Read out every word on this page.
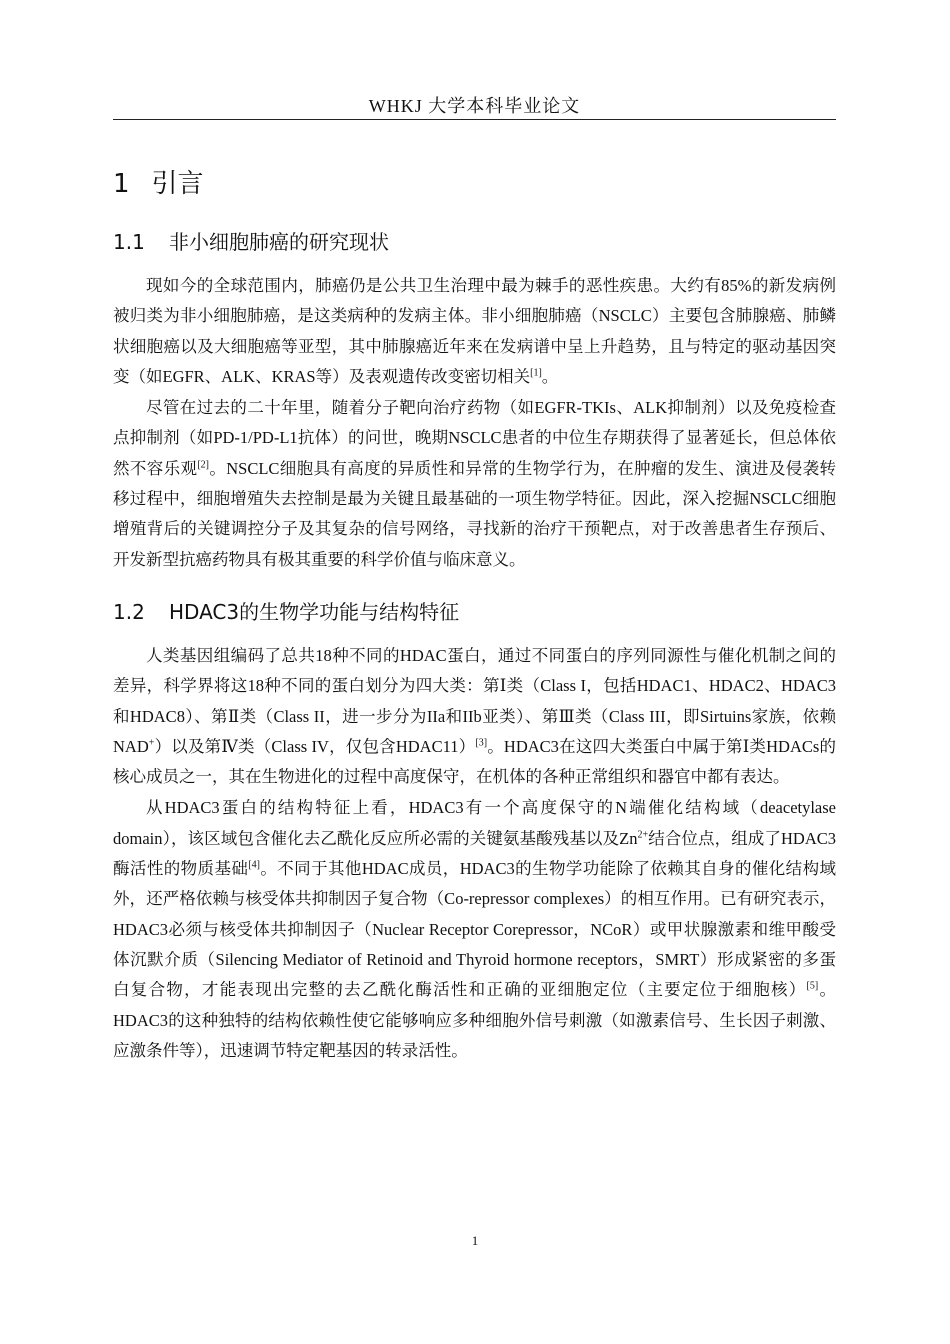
WHKJ 大学本科毕业论文
1 引言
1.1 非小细胞肺癌的研究现状

现如今的全球范围内，肺癌仍是公共卫生治理中最为棘手的恶性疾患。大约有85%的新发病例被归类为非小细胞肺癌，是这类病种的发病主体。非小细胞肺癌（NSCLC）主要包含肺腺癌、肺鳞状细胞癌以及大细胞癌等亚型，其中肺腺癌近年来在发病谱中呈上升趋势，且与特定的驱动基因突变（如EGFR、ALK、KRAS等）及表观遗传改变密切相关[1]。

尽管在过去的二十年里，随着分子靶向治疗药物（如EGFR-TKIs、ALK抑制剂）以及免疫检查点抑制剂（如PD-1/PD-L1抗体）的问世，晚期NSCLC患者的中位生存期获得了显著延长，但总体依然不容乐观[2]。NSCLC细胞具有高度的异质性和异常的生物学行为，在肿瘤的发生、演进及侵袭转移过程中，细胞增殖失去控制是最为关键且最基础的一项生物学特征。因此，深入挖掘NSCLC细胞增殖背后的关键调控分子及其复杂的信号网络，寻找新的治疗干预靶点，对于改善患者生存预后、开发新型抗癌药物具有极其重要的科学价值与临床意义。

1.2 HDAC3的生物学功能与结构特征

人类基因组编码了总共18种不同的HDAC蛋白，通过不同蛋白的序列同源性与催化机制之间的差异，科学界将这18种不同的蛋白划分为四大类：第Ⅰ类（Class I，包括HDAC1、HDAC2、HDAC3和HDAC8）、第Ⅱ类（Class II，进一步分为IIa和IIb亚类）、第Ⅲ类（Class III，即Sirtuins家族，依赖NAD+）以及第Ⅳ类（Class IV，仅包含HDAC11）[3]。HDAC3在这四大类蛋白中属于第Ⅰ类HDACs的核心成员之一，其在生物进化的过程中高度保守，在机体的各种正常组织和器官中都有表达。

从HDAC3蛋白的结构特征上看，HDAC3有一个高度保守的N端催化结构域（deacetylase domain），该区域包含催化去乙酰化反应所必需的关键氨基酸残基以及$Zn^{2+}$结合位点，组成了HDAC3酶活性的物质基础[4]。不同于其他HDAC成员，HDAC3的生物学功能除了依赖其自身的催化结构域外，还严格依赖与核受体共抑制因子复合物（Co-repressor complexes）的相互作用。已有研究表示，HDAC3必须与核受体共抑制因子（Nuclear Receptor Corepressor，NCoR）或甲状腺激素和维甲酸受体沉默介质（Silencing Mediator of Retinoid and Thyroid hormone receptors，SMRT）形成紧密的多蛋白复合物，才能表现出完整的去乙酰化酶活性和正确的亚细胞定位（主要定位于细胞核）[5]。HDAC3的这种独特的结构依赖性使它能够响应多种细胞外信号刺激（如激素信号、生长因子刺激、应激条件等），迅速调节特定靶基因的转录活性。

1
